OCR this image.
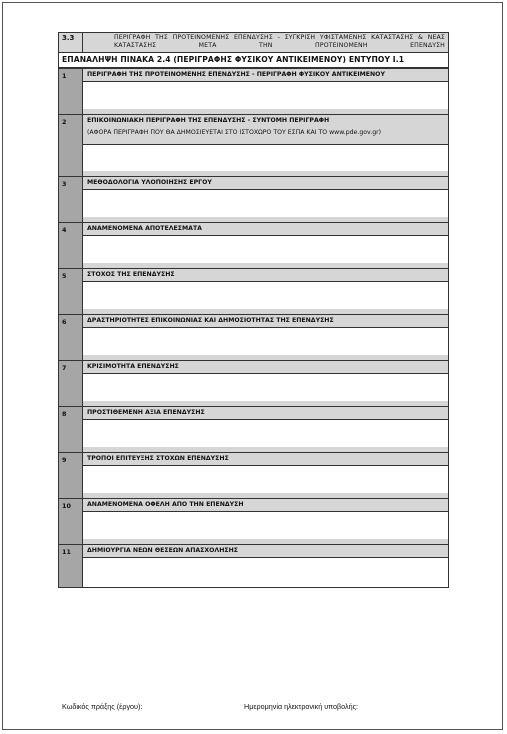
3.3	ΠΕΡΙΓΡΑΦΗ ΤΗΣ ΠΡΟΤΕΙΝΟΜΕΝΗΣ ΕΠΕΝΔΥΣΗΣ - ΣΥΓΚΡΙΣΗ ΥΦΙΣΤΑΜΕΝΗΣ ΚΑΤΑΣΤΑΣΗΣ & ΝΕΑΣ ΚΑΤΑΣΤΑΣΗΣ ΜΕΤΑ ΤΗΝ ΠΡΟΤΕΙΝΟΜΕΝΗ ΕΠΕΝΔΥΣΗ
ΕΠΑΝΑΛΗΨΗ ΠΙΝΑΚΑ 2.4 (ΠΕΡΙΓΡΑΦΗΣ ΦΥΣΙΚΟΥ ΑΝΤΙΚΕΙΜΕΝΟΥ) ΕΝΤΥΠΟΥ Ι.1
1	ΠΕΡΙΓΡΑΦΗ ΤΗΣ ΠΡΟΤΕΙΝΟΜΕΝΗΣ ΕΠΕΝΔΥΣΗΣ - ΠΕΡΙΓΡΑΦΗ ΦΥΣΙΚΟΥ ΑΝΤΙΚΕΙΜΕΝΟΥ
2	ΕΠΙΚΟΙΝΩΝΙΑΚΗ ΠΕΡΙΓΡΑΦΗ ΤΗΣ ΕΠΕΝΔΥΣΗΣ - ΣΥΝΤΟΜΗ ΠΕΡΙΓΡΑΦΗ
(ΑΦΟΡΑ ΠΕΡΙΓΡΑΦΗ ΠΟΥ ΘΑ ΔΗΜΟΣΙΕΥΕΤΑΙ ΣΤΟ ΙΣΤΟΧΩΡΟ ΤΟΥ ΕΣΠΑ ΚΑΙ ΤΟ www.pde.gov.gr)
3	ΜΕΘΟΔΟΛΟΓΙΑ ΥΛΟΠΟΙΗΣΗΣ ΕΡΓΟΥ
4	ΑΝΑΜΕΝΟΜΕΝΑ ΑΠΟΤΕΛΕΣΜΑΤΑ
5	ΣΤΟΧΟΣ ΤΗΣ ΕΠΕΝΔΥΣΗΣ
6	ΔΡΑΣΤΗΡΙΟΤΗΤΕΣ ΕΠΙΚΟΙΝΩΝΙΑΣ ΚΑΙ ΔΗΜΟΣΙΟΤΗΤΑΣ ΤΗΣ ΕΠΕΝΔΥΣΗΣ
7	ΚΡΙΣΙΜΟΤΗΤΑ ΕΠΕΝΔΥΣΗΣ
8	ΠΡΟΣΤΙΘΕΜΕΝΗ ΑΞΙΑ ΕΠΕΝΔΥΣΗΣ
9	ΤΡΟΠΟΙ ΕΠΙΤΕΥΞΗΣ ΣΤΟΧΩΝ ΕΠΕΝΔΥΣΗΣ
10	ΑΝΑΜΕΝΟΜΕΝΑ ΟΦΕΛΗ ΑΠΟ ΤΗΝ ΕΠΕΝΔΥΣΗ
11	ΔΗΜΙΟΥΡΓΙΑ ΝΕΩΝ ΘΕΣΕΩΝ ΑΠΑΣΧΟΛΗΣΗΣ
Κωδικός πράξης (έργου):	Ημερομηνία ηλεκτρονική υποβολής:
